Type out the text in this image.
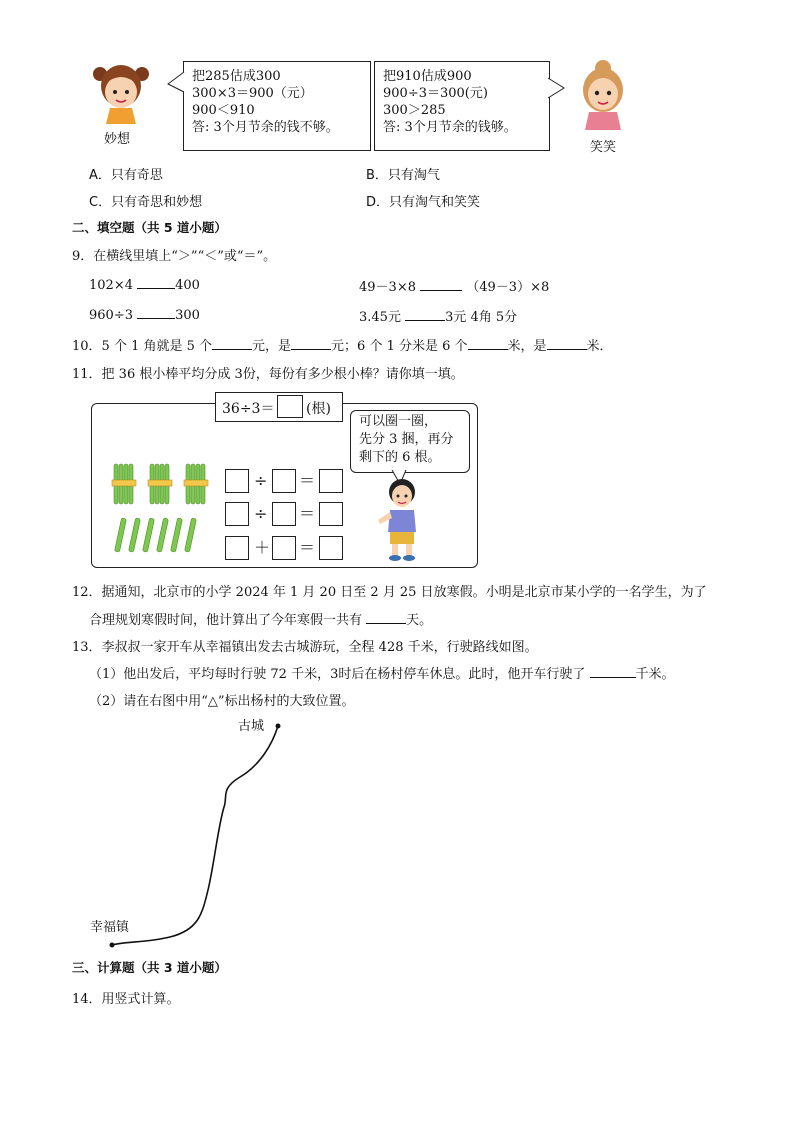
妙想
把285估成300
300×3＝900（元）
900＜910
答: 3个月节余的钱不够。
把910估成900
900÷3＝300(元)
300＞285
答: 3个月节余的钱够。
笑笑
A．只有奇思	B．只有淘气
C．只有奇思和妙想	D．只有淘气和笑笑
二、填空题（共 5 道小题）
9．在横线里填上“＞”“＜”或“＝”。
102×4	400	49－3×8	（49－3）×8
960÷3	300	3.45元	3元 4角 5分
10．5 个 1 角就是 5 个	元，是	元；6 个 1 分米是 6 个	米，是	米．
11．把 36 根小棒平均分成 3份，每份有多少根小棒？请你填一填。
36÷3＝ (根)
可以圈一圈，
先分 3 捆，再分
剩下的 6 根。
÷ ＝
÷ ＝
＋ ＝
12．据通知，北京市的小学 2024 年 1 月 20 日至 2 月 25 日放寒假。小明是北京市某小学的一名学生，为了
合理规划寒假时间，他计算出了今年寒假一共有	天。
13．李叔叔一家开车从幸福镇出发去古城游玩，全程 428 千米，行驶路线如图。
（1）他出发后，平均每时行驶 72 千米，3时后在杨村停车休息。此时，他开车行驶了	千米。
（2）请在右图中用“△”标出杨村的大致位置。
古城
幸福镇
三、计算题（共 3 道小题）
14．用竖式计算。
